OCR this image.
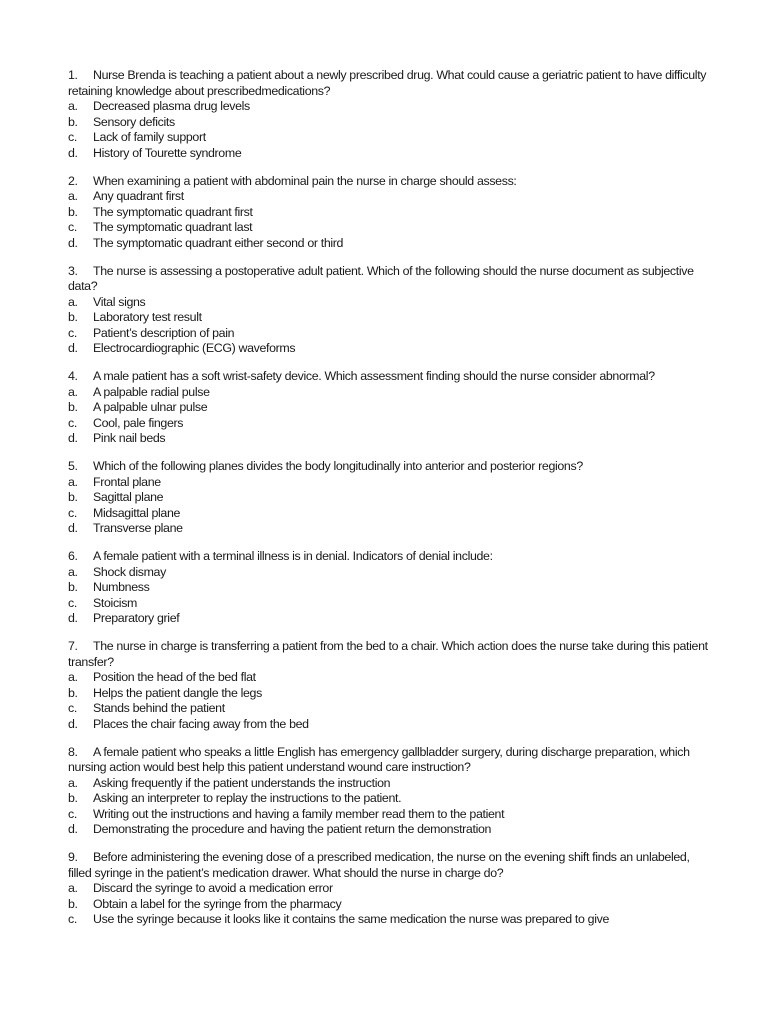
1. Nurse Brenda is teaching a patient about a newly prescribed drug. What could cause a geriatric patient to have difficulty retaining knowledge about prescribedmedications?

a.	Decreased plasma drug levels
b.	Sensory deficits
c.	Lack of family support
d.	History of Tourette syndrome

2. When examining a patient with abdominal pain the nurse in charge should assess:

a.	Any quadrant first
b.	The symptomatic quadrant first
c.	The symptomatic quadrant last
d.	The symptomatic quadrant either second or third

3. The nurse is assessing a postoperative adult patient. Which of the following should the nurse document as subjective data?

a.	Vital signs
b.	Laboratory test result
c.	Patient’s description of pain
d.	Electrocardiographic (ECG) waveforms

4. A male patient has a soft wrist-safety device. Which assessment finding should the nurse consider abnormal?

a.	A palpable radial pulse
b.	A palpable ulnar pulse
c.	Cool, pale fingers
d.	Pink nail beds

5. Which of the following planes divides the body longitudinally into anterior and posterior regions?

a.	Frontal plane
b.	Sagittal plane
c.	Midsagittal plane
d.	Transverse plane

6. A female patient with a terminal illness is in denial. Indicators of denial include:

a.	Shock dismay
b.	Numbness
c.	Stoicism
d.	Preparatory grief

7. The nurse in charge is transferring a patient from the bed to a chair. Which action does the nurse take during this patient transfer?

a.	Position the head of the bed flat
b.	Helps the patient dangle the legs
c.	Stands behind the patient
d.	Places the chair facing away from the bed

8. A female patient who speaks a little English has emergency gallbladder surgery, during discharge preparation, which nursing action would best help this patient understand wound care instruction?

a.	Asking frequently if the patient understands the instruction
b.	Asking an interpreter to replay the instructions to the patient.
c.	Writing out the instructions and having a family member read them to the patient
d.	Demonstrating the procedure and having the patient return the demonstration

9. Before administering the evening dose of a prescribed medication, the nurse on the evening shift finds an unlabeled, filled syringe in the patient’s medication drawer. What should the nurse in charge do?

a.	Discard the syringe to avoid a medication error
b.	Obtain a label for the syringe from the pharmacy
c.	Use the syringe because it looks like it contains the same medication the nurse was prepared to give
